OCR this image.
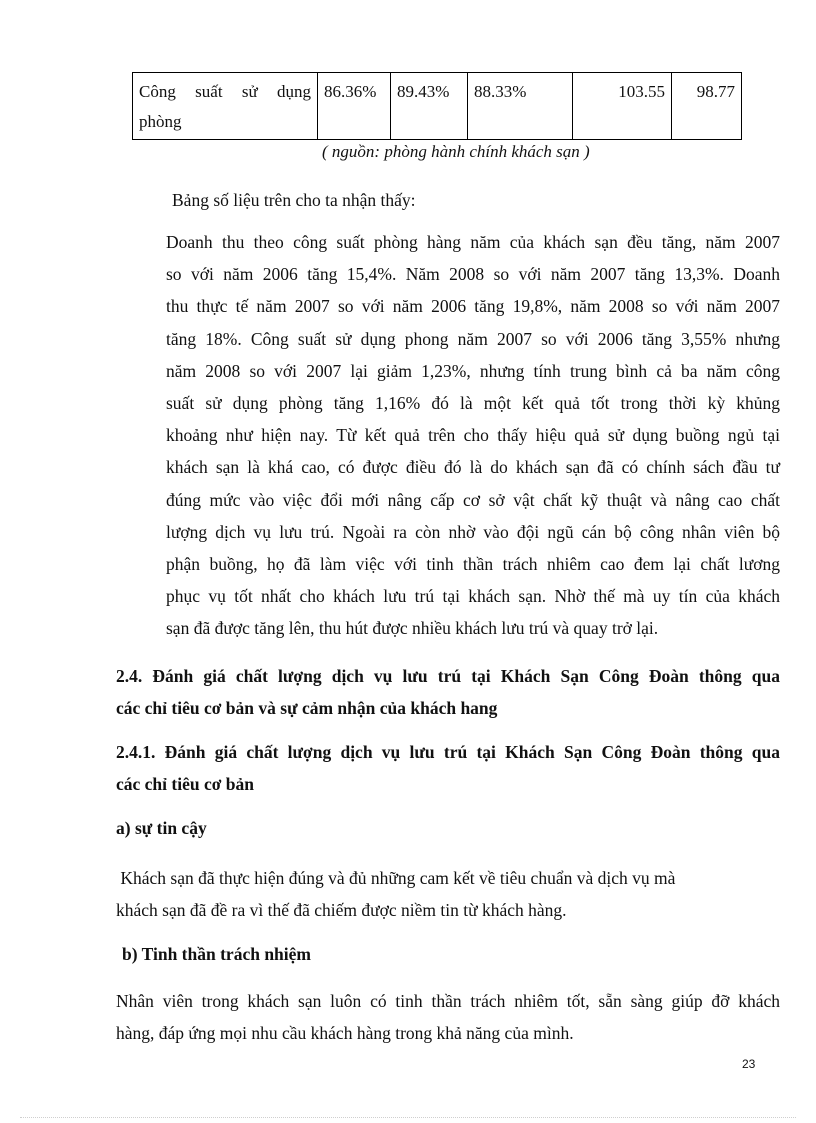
Công suất sử dụng phòng	86.36%	89.43%	88.33%	103.55	98.77
( nguồn: phòng hành chính khách sạn )
Bảng số liệu trên cho ta nhận thấy:
Doanh thu theo công suất phòng hàng năm của khách sạn đều tăng, năm 2007
so với năm 2006 tăng 15,4%. Năm 2008 so với năm 2007 tăng 13,3%. Doanh
thu thực tế năm 2007 so với năm 2006 tăng 19,8%, năm 2008 so với năm 2007
tăng 18%. Công suất sử dụng phong năm 2007 so với 2006 tăng 3,55% nhưng
năm 2008 so với 2007 lại giảm 1,23%, nhưng tính trung bình cả ba năm công
suất sử dụng phòng tăng 1,16% đó là một kết quả tốt trong thời kỳ khủng
khoảng như hiện nay. Từ kết quả trên cho thấy hiệu quả sử dụng buồng ngủ tại
khách sạn là khá cao, có được điều đó là do khách sạn đã có chính sách đầu tư
đúng mức vào việc đổi mới nâng cấp cơ sở vật chất kỹ thuật và nâng cao chất
lượng dịch vụ lưu trú. Ngoài ra còn nhờ vào đội ngũ cán bộ công nhân viên bộ
phận buồng, họ đã làm việc với tinh thần trách nhiêm cao đem lại chất lương
phục vụ tốt nhất cho khách lưu trú tại khách sạn. Nhờ thế mà uy tín của khách
sạn đã được tăng lên, thu hút được nhiều khách lưu trú và quay trở lại.
2.4. Đánh giá chất lượng dịch vụ lưu trú tại Khách Sạn Công Đoàn thông qua
các chỉ tiêu cơ bản và sự cảm nhận của khách hang
2.4.1. Đánh giá chất lượng dịch vụ lưu trú tại Khách Sạn Công Đoàn thông qua
các chỉ tiêu cơ bản
a) sự tin cậy
Khách sạn đã thực hiện đúng và đủ những cam kết về tiêu chuẩn và dịch vụ mà
khách sạn đã đề ra vì thế đã chiếm được niềm tin từ khách hàng.
b) Tinh thần trách nhiệm
Nhân viên trong khách sạn luôn có tinh thần trách nhiêm tốt, sẵn sàng giúp đỡ khách
hàng, đáp ứng mọi nhu cầu khách hàng trong khả năng của mình.
23
